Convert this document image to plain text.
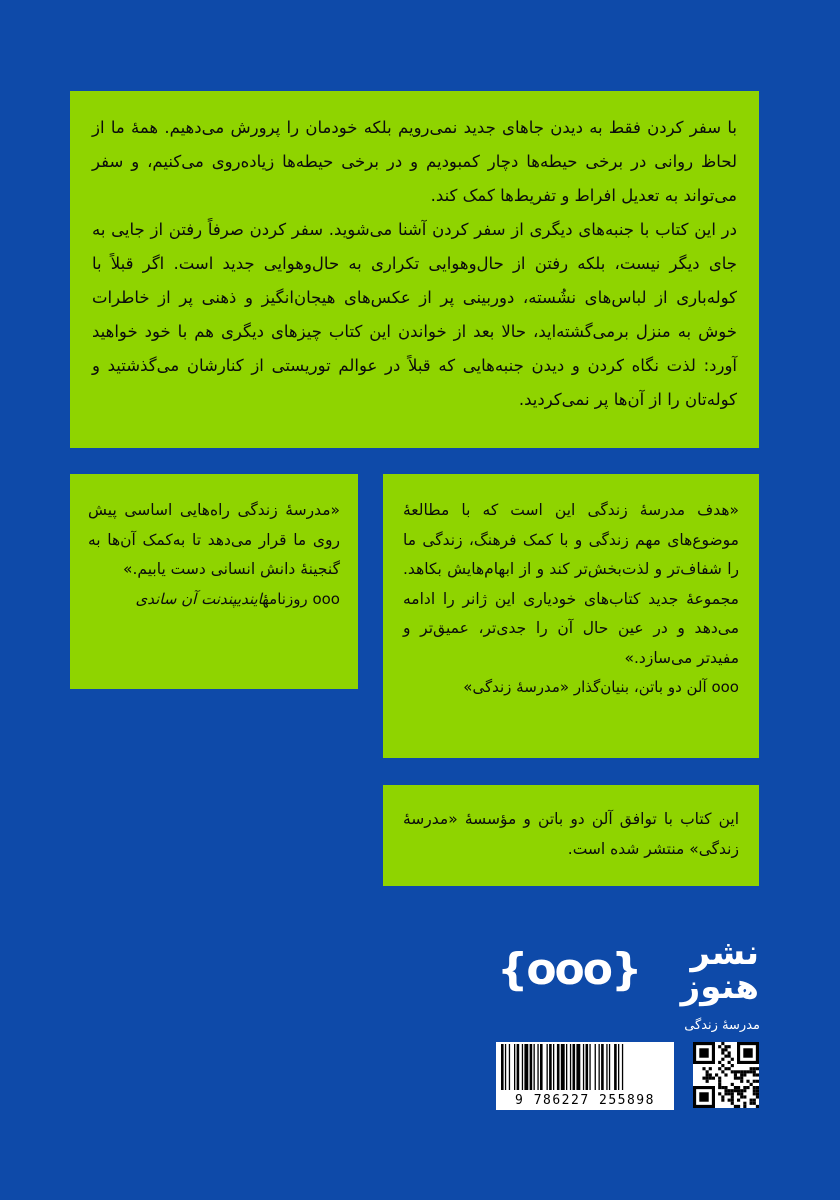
با سفر کردن فقط به دیدن جاهای جدید نمی‌رویم بلکه خودمان را پرورش می‌دهیم. همهٔ ما از لحاظ روانی در برخی حیطه‌ها دچار کمبودیم و در برخی حیطه‌ها زیاده‌روی می‌کنیم، و سفر می‌تواند به تعدیل افراط و تفریط‌ها کمک کند.

در این کتاب با جنبه‌های دیگری از سفر کردن آشنا می‌شوید. سفر کردن صرفاً رفتن از جایی به جای دیگر نیست، بلکه رفتن از حال‌وهوایی تکراری به حال‌وهوایی جدید است. اگر قبلاً با کوله‌باری از لباس‌های نشُسته، دوربینی پر از عکس‌های هیجان‌انگیز و ذهنی پر از خاطرات خوش به منزل برمی‌گشته‌اید، حالا بعد از خواندن این کتاب چیزهای دیگری هم با خود خواهید آورد: لذت نگاه کردن و دیدن جنبه‌هایی که قبلاً در عوالم توریستی از کنارشان می‌گذشتید و کوله‌تان را از آن‌ها پر نمی‌کردید.

«هدف مدرسهٔ زندگی این است که با مطالعهٔ موضوع‌های مهم زندگی و با کمک فرهنگ، زندگی ما را شفاف‌تر و لذت‌بخش‌تر کند و از ابهام‌هایش بکاهد. مجموعهٔ جدید کتاب‌های خودیاری این ژانر را ادامه می‌دهد و در عین حال آن را جدی‌تر، عمیق‌تر و مفیدتر می‌سازد.»

ooo آلن دو باتن، بنیان‌گذار «مدرسهٔ زندگی»

«مدرسهٔ زندگی راه‌هایی اساسی پیش روی ما قرار می‌دهد تا به‌کمک آن‌ها به گنجینهٔ دانش انسانی دست یابیم.»

ooo روزنامهٔایندیپندنت آن ساندی

این کتاب با توافق آلن دو باتن و مؤسسهٔ «مدرسهٔ زندگی» منتشر شده است.

{ooo}	نشر هنوز
مدرسهٔ زندگی
9 786227 255898
